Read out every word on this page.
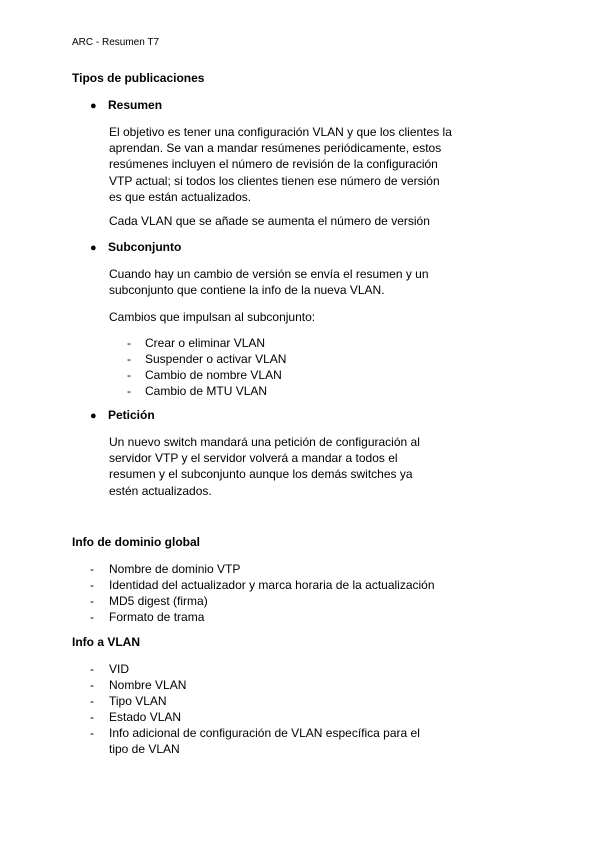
ARC - Resumen T7
Tipos de publicaciones
● Resumen

El objetivo es tener una configuración VLAN y que los clientes la aprendan. Se van a mandar resúmenes periódicamente, estos resúmenes incluyen el número de revisión de la configuración VTP actual; si todos los clientes tienen ese número de versión es que están actualizados.

Cada VLAN que se añade se aumenta el número de versión

● Subconjunto

Cuando hay un cambio de versión se envía el resumen y un subconjunto que contiene la info de la nueva VLAN.

Cambios que impulsan al subconjunto:

- Crear o eliminar VLAN
- Suspender o activar VLAN
- Cambio de nombre VLAN
- Cambio de MTU VLAN
● Petición

Un nuevo switch mandará una petición de configuración al servidor VTP y el servidor volverá a mandar a todos el resumen y el subconjunto aunque los demás switches ya estén actualizados.

Info de dominio global
- Nombre de dominio VTP
- Identidad del actualizador y marca horaria de la actualización
- MD5 digest (firma)
- Formato de trama
Info a VLAN
- VID
- Nombre VLAN
- Tipo VLAN
- Estado VLAN
- Info adicional de configuración de VLAN específica para el tipo de VLAN
